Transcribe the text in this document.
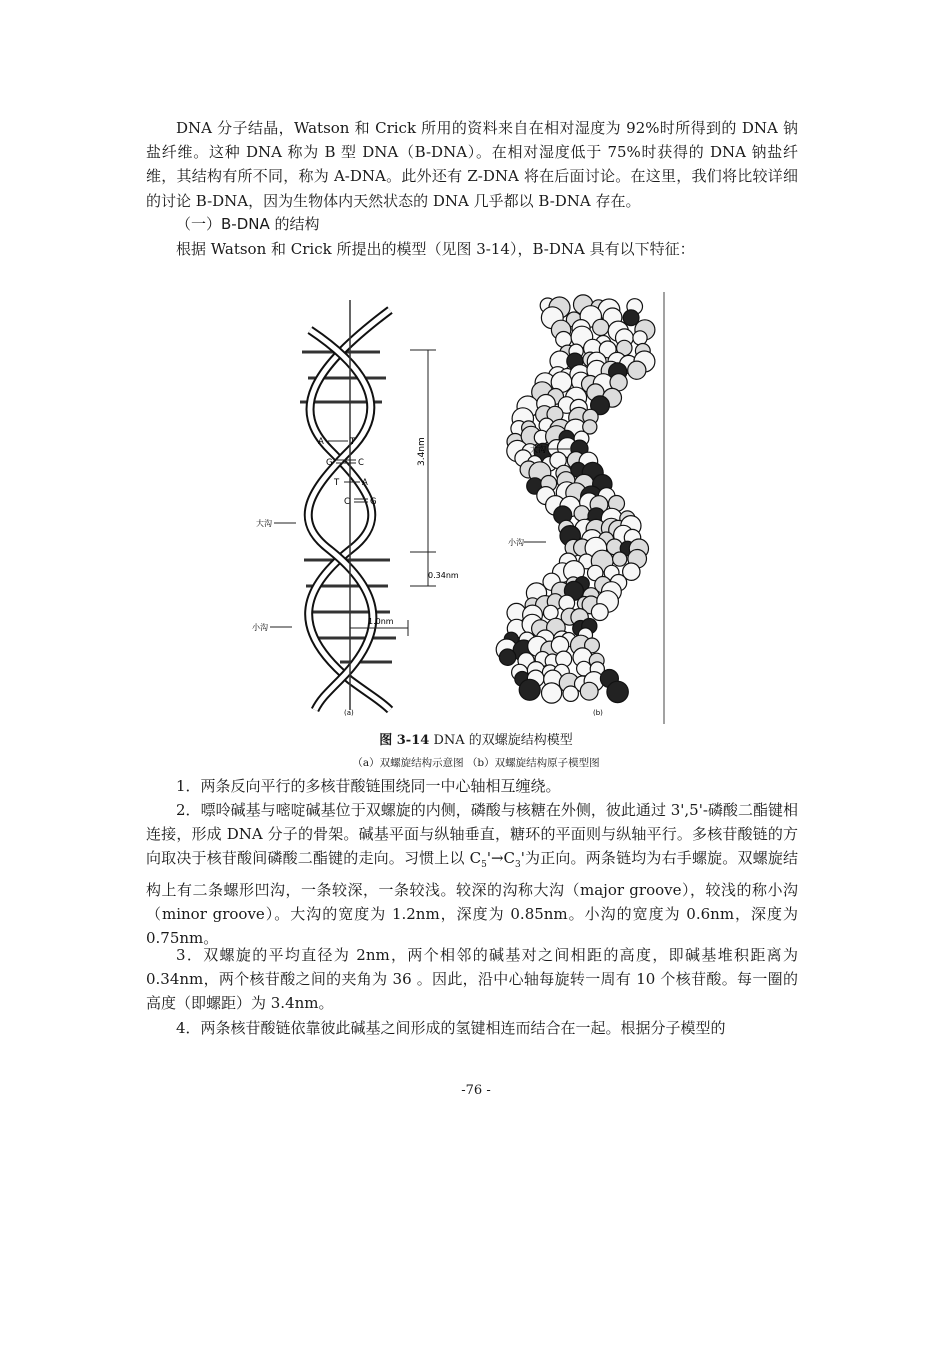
DNA 分子结晶，Watson 和 Crick 所用的资料来自在相对湿度为 92%时所得到的 DNA 钠盐纤维。这种 DNA 称为 B 型 DNA（B-DNA）。在相对湿度低于 75%时获得的 DNA 钠盐纤维，其结构有所不同，称为 A-DNA。此外还有 Z-DNA 将在后面讨论。在这里，我们将比较详细的讨论 B-DNA，因为生物体内天然状态的 DNA 几乎都以 B-DNA 存在。

（一）B-DNA 的结构

根据 Watson 和 Crick 所提出的模型（见图 3-14），B-DNA 具有以下特征：

A	T
G	C
T	A
C G
3.4nm
0.34nm
1.0nm
大沟
小沟
(a)
大沟
小沟
(b)

图 3-14 DNA 的双螺旋结构模型

（a）双螺旋结构示意图 （b）双螺旋结构原子模型图

1．两条反向平行的多核苷酸链围绕同一中心轴相互缠绕。

2．嘌呤碱基与嘧啶碱基位于双螺旋的内侧，磷酸与核糖在外侧，彼此通过 3',5'-磷酸二酯键相连接，形成 DNA 分子的骨架。碱基平面与纵轴垂直，糖环的平面则与纵轴平行。多核苷酸链的方向取决于核苷酸间磷酸二酯键的走向。习惯上以 $C_5'\to C_3'$为正向。两条链均为右手螺旋。双螺旋结构上有二条螺形凹沟，一条较深，一条较浅。较深的沟称大沟（major groove），较浅的称小沟（minor groove）。大沟的宽度为 1.2nm，深度为 0.85nm。小沟的宽度为 0.6nm，深度为 0.75nm。

3．双螺旋的平均直径为 2nm，两个相邻的碱基对之间相距的高度，即碱基堆积距离为 0.34nm，两个核苷酸之间的夹角为 36 。因此，沿中心轴每旋转一周有 10 个核苷酸。每一圈的高度（即螺距）为 3.4nm。

4．两条核苷酸链依靠彼此碱基之间形成的氢键相连而结合在一起。根据分子模型的

-76 -
